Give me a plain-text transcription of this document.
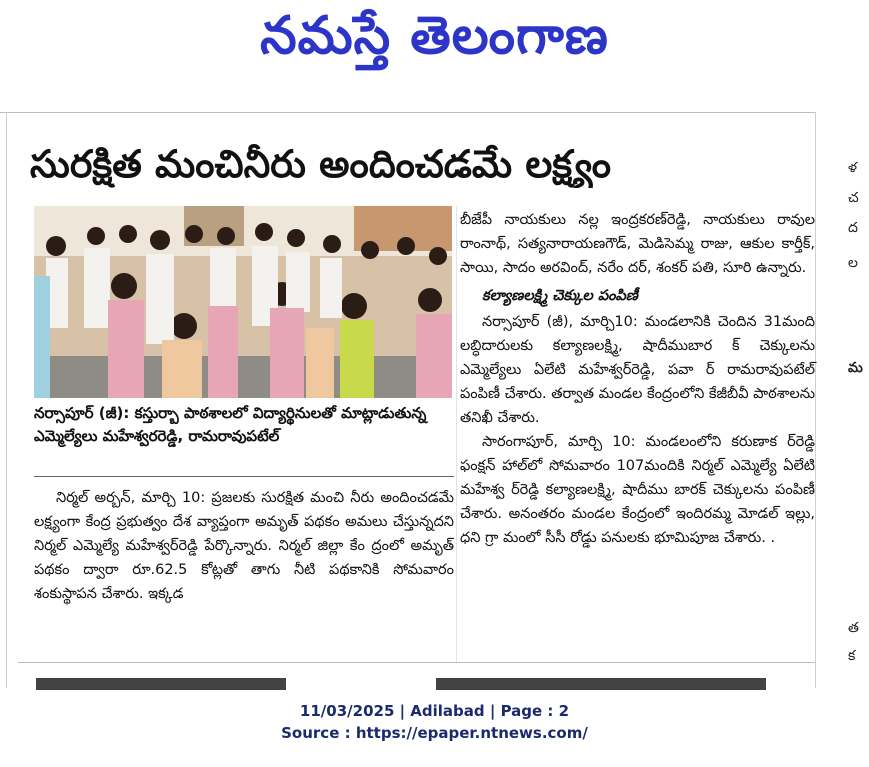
నమస్తే తెలంగాణ
సురక్షిత మంచినీరు అందించడమే లక్ష్యం
నర్సాపూర్ (జీ): కస్తుర్బా పాఠశాలలో విద్యార్థినులతో మాట్లాడుతున్న ఎమ్మెల్యేలు మహేశ్వరరెడ్డి, రామరావుపటేల్

నిర్మల్ అర్బన్, మార్చి 10: ప్రజలకు సురక్షిత మంచి నీరు అందించడమే లక్ష్యంగా కేంద్ర ప్రభుత్వం దేశ వ్యాప్తంగా అమృత్ పథకం అమలు చేస్తున్నదని నిర్మల్ ఎమ్మెల్యే మహేశ్వర్‌రెడ్డి పేర్కొన్నారు. నిర్మల్ జిల్లా కేం ద్రంలో అమృత్ పథకం ద్వారా రూ.62.5 కోట్లతో తాగు నీటి పథకానికి సోమవారం శంకుస్థాపన చేశారు. ఇక్కడ

బీజేపీ నాయకులు నల్ల ఇంద్రకరణ్‌రెడ్డి, నాయకులు రావుల రాంనాథ్, సత్యనారాయణగౌడ్, మెడిసెమ్మ రాజు, ఆకుల కార్తీక్, సాయి, సాదం అరవింద్, నరేం దర్, శంకర్ పతి, సూరి ఉన్నారు.

కల్యాణలక్ష్మి చెక్కుల పంపిణీ

నర్సాపూర్ (జీ), మార్చి10: మండలానికి చెందిన 31మంది లబ్ధిదారులకు కల్యాణలక్ష్మి, షాదీముబార క్ చెక్కులను ఎమ్మెల్యేలు ఏలేటి మహేశ్వర్‌రెడ్డి, పవా ర్ రామరావుపటేల్ పంపిణీ చేశారు. తర్వాత మండల కేంద్రంలోని కేజీబీవీ పాఠశాలను తనిఖీ చేశారు.

సారంగాపూర్, మార్చి 10: మండలంలోని కరుణాక ర్‌రెడ్డి ఫంక్షన్ హాల్‌లో సోమవారం 107మందికి నిర్మల్ ఎమ్మెల్యే ఏలేటి మహేశ్వ ర్‌రెడ్డి కల్యాణలక్ష్మి, షాదీము బారక్ చెక్కులను పంపిణీ చేశారు. అనంతరం మండల కేంద్రంలో ఇందిరమ్మ మోడల్ ఇల్లు, ధని గ్రా మంలో సీసీ రోడ్డు పనులకు భూమిపూజ చేశారు. .

ళ
చ
ద
ల
మ
త
క
11/03/2025 | Adilabad | Page : 2
Source : https://epaper.ntnews.com/
